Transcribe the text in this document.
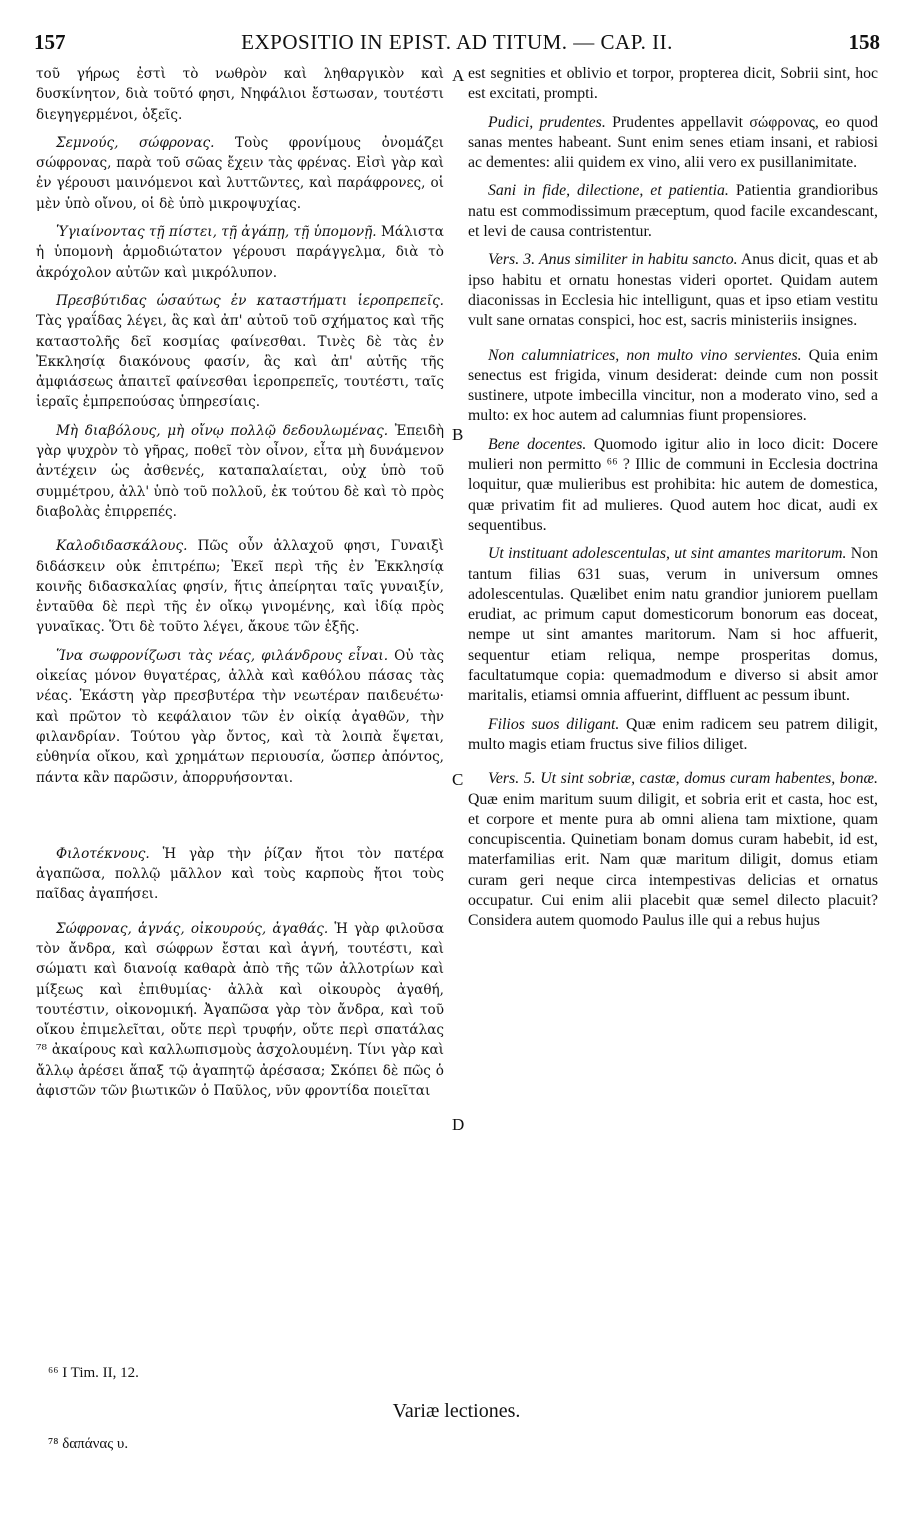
157	EXPOSITIO IN EPIST. AD TITUM. — CAP. II.	158
A
B
C
D

τοῦ γήρως ἐστὶ τὸ νωθρὸν καὶ ληθαργικὸν καὶ δυσκίνητον, διὰ τοῦτό φησι, Νηφάλιοι ἔστωσαν, τουτέστι διεγηγερμένοι, ὀξεῖς.

Σεμνούς, σώφρονας. Τοὺς φρονίμους ὀνομάζει σώφρονας, παρὰ τοῦ σῶας ἔχειν τὰς φρένας. Εἰσὶ γὰρ καὶ ἐν γέρουσι μαινόμενοι καὶ λυττῶντες, καὶ παράφρονες, οἱ μὲν ὑπὸ οἴνου, οἱ δὲ ὑπὸ μικροψυχίας.

Ὑγιαίνοντας τῇ πίστει, τῇ ἀγάπῃ, τῇ ὑπομονῇ. Μάλιστα ἡ ὑπομονὴ ἁρμοδιώτατον γέρουσι παράγγελμα, διὰ τὸ ἀκρόχολον αὐτῶν καὶ μικρόλυπον.

Πρεσβύτιδας ὡσαύτως ἐν καταστήματι ἱεροπρεπεῖς. Τὰς γραΐδας λέγει, ἃς καὶ ἀπ' αὐτοῦ τοῦ σχήματος καὶ τῆς καταστολῆς δεῖ κοσμίας φαίνεσθαι. Τινὲς δὲ τὰς ἐν Ἐκκλησίᾳ διακόνους φασίν, ἃς καὶ ἀπ' αὐτῆς τῆς ἀμφιάσεως ἀπαιτεῖ φαίνεσθαι ἱεροπρεπεῖς, τουτέστι, ταῖς ἱεραῖς ἐμπρεπούσας ὑπηρεσίαις.

Μὴ διαβόλους, μὴ οἴνῳ πολλῷ δεδουλωμένας. Ἐπειδὴ γὰρ ψυχρὸν τὸ γῆρας, ποθεῖ τὸν οἶνον, εἶτα μὴ δυνάμενον ἀντέχειν ὡς ἀσθενές, καταπαλαίεται, οὐχ ὑπὸ τοῦ συμμέτρου, ἀλλ' ὑπὸ τοῦ πολλοῦ, ἐκ τούτου δὲ καὶ τὸ πρὸς διαβολὰς ἐπιρρεπές.

Καλοδιδασκάλους. Πῶς οὖν ἀλλαχοῦ φησι, Γυναιξὶ διδάσκειν οὐκ ἐπιτρέπω; Ἐκεῖ περὶ τῆς ἐν Ἐκκλησίᾳ κοινῆς διδασκαλίας φησίν, ἥτις ἀπείρηται ταῖς γυναιξίν, ἐνταῦθα δὲ περὶ τῆς ἐν οἴκῳ γινομένης, καὶ ἰδίᾳ πρὸς γυναῖκας. Ὅτι δὲ τοῦτο λέγει, ἄκουε τῶν ἑξῆς.

Ἵνα σωφρονίζωσι τὰς νέας, φιλάνδρους εἶναι. Οὐ τὰς οἰκείας μόνον θυγατέρας, ἀλλὰ καὶ καθόλου πάσας τὰς νέας. Ἑκάστη γὰρ πρεσβυτέρα τὴν νεωτέραν παιδευέτω· καὶ πρῶτον τὸ κεφάλαιον τῶν ἐν οἰκίᾳ ἀγαθῶν, τὴν φιλανδρίαν. Τούτου γὰρ ὄντος, καὶ τὰ λοιπὰ ἕψεται, εὐθηνία οἴκου, καὶ χρημάτων περιουσία, ὥσπερ ἀπόντος, πάντα κἂν παρῶσιν, ἀπορρυήσονται.

Φιλοτέκνους. Ἡ γὰρ τὴν ῥίζαν ἤτοι τὸν πατέρα ἀγαπῶσα, πολλῷ μᾶλλον καὶ τοὺς καρποὺς ἤτοι τοὺς παῖδας ἀγαπήσει.

Σώφρονας, ἁγνάς, οἰκουρούς, ἀγαθάς. Ἡ γὰρ φιλοῦσα τὸν ἄνδρα, καὶ σώφρων ἔσται καὶ ἁγνή, τουτέστι, καὶ σώματι καὶ διανοίᾳ καθαρὰ ἀπὸ τῆς τῶν ἀλλοτρίων καὶ μίξεως καὶ ἐπιθυμίας· ἀλλὰ καὶ οἰκουρὸς ἀγαθή, τουτέστιν, οἰκονομική. Ἀγαπῶσα γὰρ τὸν ἄνδρα, καὶ τοῦ οἴκου ἐπιμελεῖται, οὔτε περὶ τρυφήν, οὔτε περὶ σπατάλας ⁷⁸ ἀκαίρους καὶ καλλωπισμοὺς ἀσχολουμένη. Τίνι γὰρ καὶ ἄλλῳ ἀρέσει ἅπαξ τῷ ἀγαπητῷ ἀρέσασα; Σκόπει δὲ πῶς ὁ ἀφιστῶν τῶν βιωτικῶν ὁ Παῦλος, νῦν φροντίδα ποιεῖται

est segnities et oblivio et torpor, propterea dicit, Sobrii sint, hoc est excitati, prompti.

Pudici, prudentes. Prudentes appellavit σώφρονας, eo quod sanas mentes habeant. Sunt enim senes etiam insani, et rabiosi ac dementes: alii quidem ex vino, alii vero ex pusillanimitate.

Sani in fide, dilectione, et patientia. Patientia grandioribus natu est commodissimum præceptum, quod facile excandescant, et levi de causa contristentur.

Vers. 3. Anus similiter in habitu sancto. Anus dicit, quas et ab ipso habitu et ornatu honestas videri oportet. Quidam autem diaconissas in Ecclesia hic intelligunt, quas et ipso etiam vestitu vult sane ornatas conspici, hoc est, sacris ministeriis insignes.

Non calumniatrices, non multo vino servientes. Quia enim senectus est frigida, vinum desiderat: deinde cum non possit sustinere, utpote imbecilla vincitur, non a moderato vino, sed a multo: ex hoc autem ad calumnias fiunt propensiores.

Bene docentes. Quomodo igitur alio in loco dicit: Docere mulieri non permitto ⁶⁶ ? Illic de communi in Ecclesia doctrina loquitur, quæ mulieribus est prohibita: hic autem de domestica, quæ privatim fit ad mulieres. Quod autem hoc dicat, audi ex sequentibus.

Ut instituant adolescentulas, ut sint amantes maritorum. Non tantum filias 631 suas, verum in universum omnes adolescentulas. Quælibet enim natu grandior juniorem puellam erudiat, ac primum caput domesticorum bonorum eas doceat, nempe ut sint amantes maritorum. Nam si hoc affuerit, sequentur etiam reliqua, nempe prosperitas domus, facultatumque copia: quemadmodum e diverso si absit amor maritalis, etiamsi omnia affuerint, diffluent ac pessum ibunt.

Filios suos diligant. Quæ enim radicem seu patrem diligit, multo magis etiam fructus sive filios diliget.

Vers. 5. Ut sint sobriæ, castæ, domus curam habentes, bonæ. Quæ enim maritum suum diligit, et sobria erit et casta, hoc est, et corpore et mente pura ab omni aliena tam mixtione, quam concupiscentia. Quinetiam bonam domus curam habebit, id est, materfamilias erit. Nam quæ maritum diligit, domus etiam curam geri neque circa intempestivas delicias et ornatus occupatur. Cui enim alii placebit quæ semel dilecto placuit? Considera autem quomodo Paulus ille qui a rebus hujus

⁶⁶ I Tim. II, 12.
Variæ lectiones.
⁷⁸ δαπάνας υ.
